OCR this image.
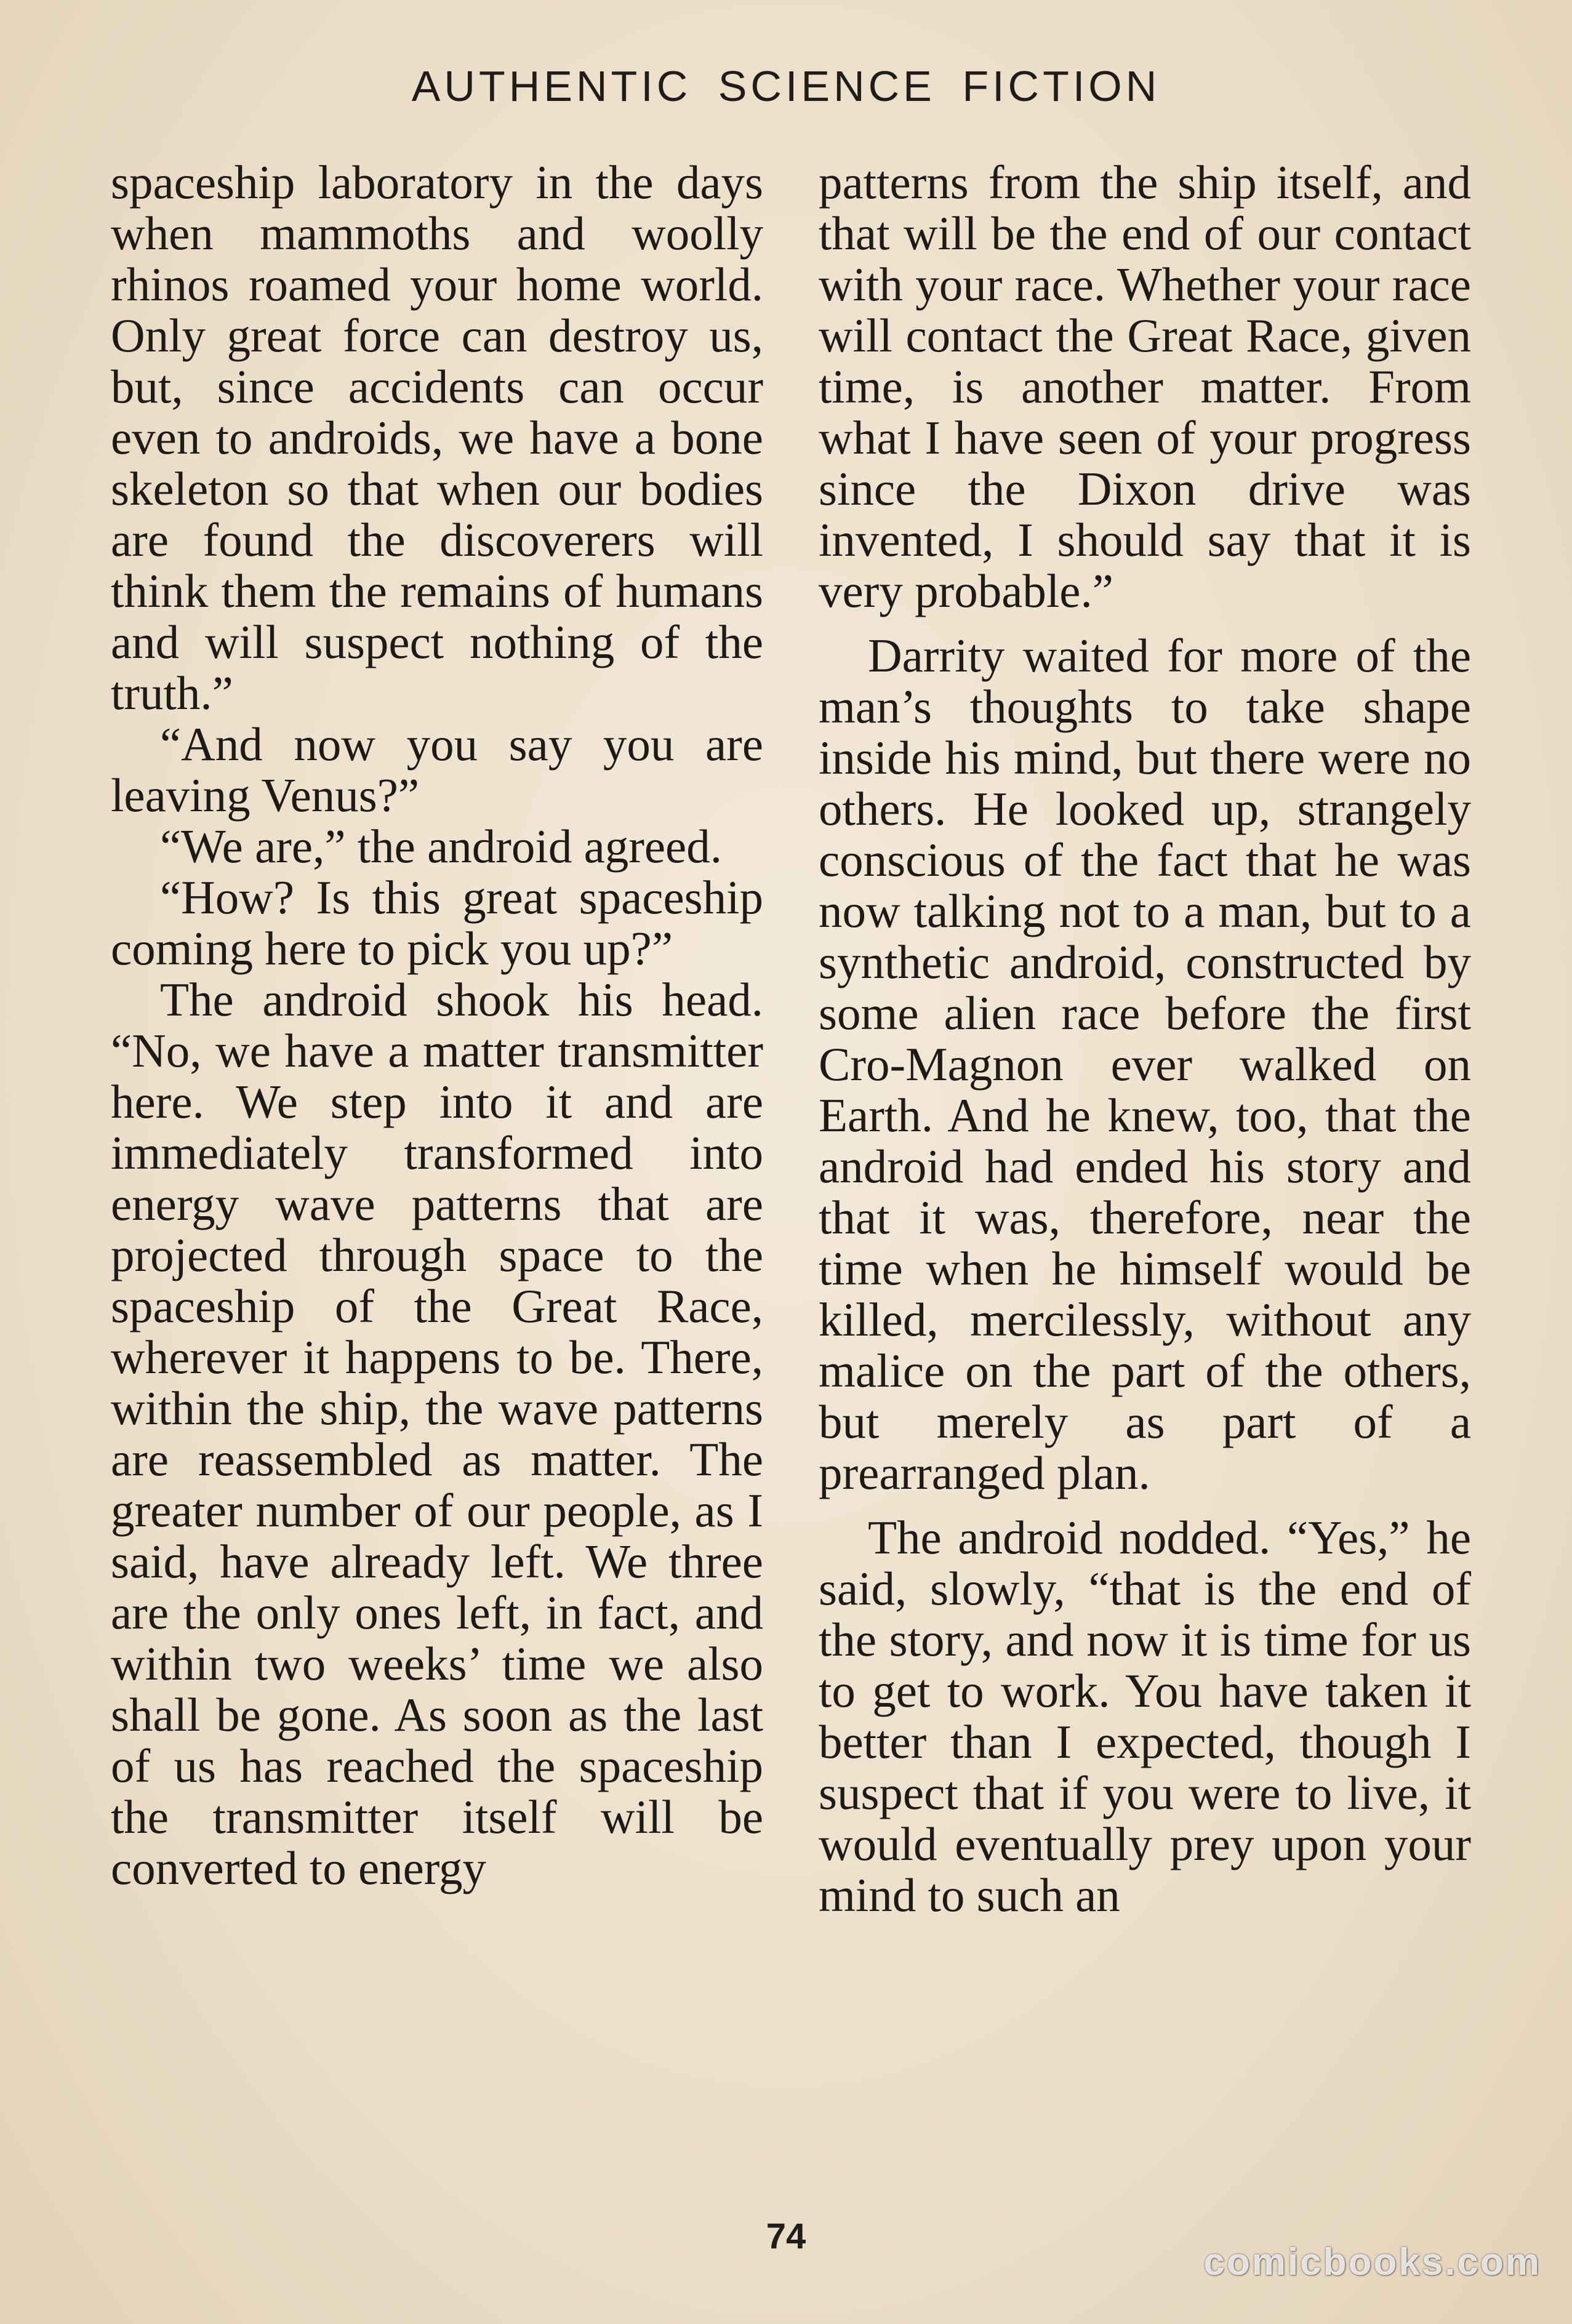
AUTHENTIC SCIENCE FICTION

spaceship laboratory in the days when mammoths and woolly rhinos roamed your home world. Only great force can destroy us, but, since accidents can occur even to androids, we have a bone skeleton so that when our bodies are found the discoverers will think them the remains of humans and will suspect nothing of the truth.”

“And now you say you are leaving Venus?”

“We are,” the android agreed.

“How? Is this great spaceship coming here to pick you up?”

The android shook his head. “No, we have a matter transmitter here. We step into it and are immediately transformed into energy wave patterns that are projected through space to the spaceship of the Great Race, wherever it happens to be. There, within the ship, the wave patterns are reassembled as matter. The greater number of our people, as I said, have already left. We three are the only ones left, in fact, and within two weeks’ time we also shall be gone. As soon as the last of us has reached the spaceship the transmitter itself will be converted to energy

patterns from the ship itself, and that will be the end of our contact with your race. Whether your race will contact the Great Race, given time, is another matter. From what I have seen of your progress since the Dixon drive was invented, I should say that it is very probable.”

Darrity waited for more of the man’s thoughts to take shape inside his mind, but there were no others. He looked up, strangely conscious of the fact that he was now talking not to a man, but to a synthetic android, constructed by some alien race before the first Cro-Magnon ever walked on Earth. And he knew, too, that the android had ended his story and that it was, therefore, near the time when he himself would be killed, mercilessly, without any malice on the part of the others, but merely as part of a prearranged plan.

The android nodded. “Yes,” he said, slowly, “that is the end of the story, and now it is time for us to get to work. You have taken it better than I expected, though I suspect that if you were to live, it would eventually prey upon your mind to such an

74
comicbooks.com
